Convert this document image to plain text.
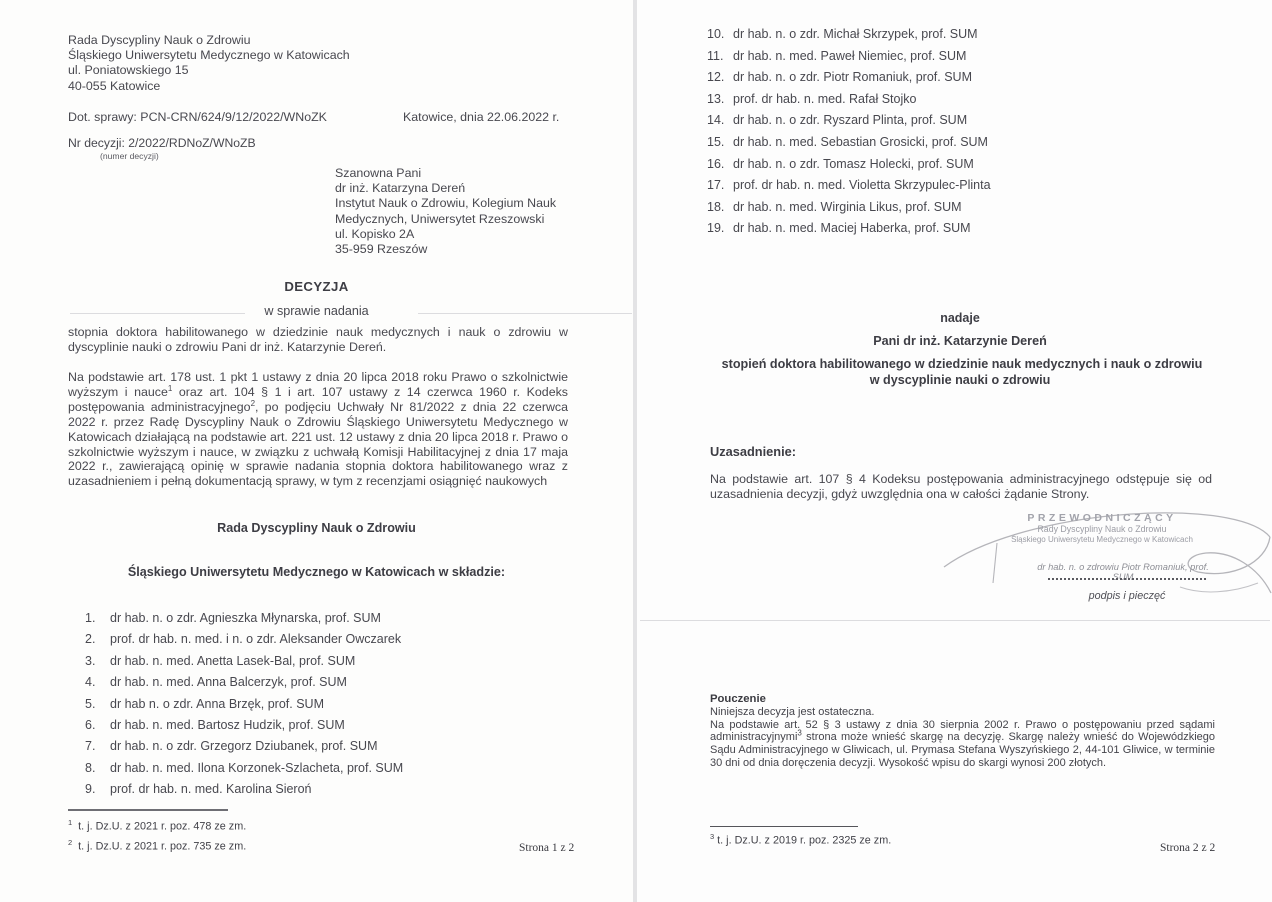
Rada Dyscypliny Nauk o Zdrowiu
Śląskiego Uniwersytetu Medycznego w Katowicach
ul. Poniatowskiego 15
40-055 Katowice
Dot. sprawy: PCN-CRN/624/9/12/2022/WNoZK	Katowice, dnia 22.06.2022 r.
Nr decyzji: 2/2022/RDNoZ/WNoZB
(numer decyzji)
Szanowna Pani
dr inż. Katarzyna Dereń
Instytut Nauk o Zdrowiu, Kolegium Nauk
Medycznych, Uniwersytet Rzeszowski
ul. Kopisko 2A
35-959 Rzeszów
DECYZJA
w sprawie nadania

stopnia doktora habilitowanego w dziedzinie nauk medycznych i nauk o zdrowiu w dyscyplinie nauki o zdrowiu Pani dr inż. Katarzynie Dereń.

Na podstawie art. 178 ust. 1 pkt 1 ustawy z dnia 20 lipca 2018 roku Prawo o szkolnictwie wyższym i nauce$^1$ oraz art. 104 § 1 i art. 107 ustawy z 14 czerwca 1960 r. Kodeks postępowania administracyjnego$^2$, po podjęciu Uchwały Nr 81/2022 z dnia 22 czerwca 2022 r. przez Radę Dyscypliny Nauk o Zdrowiu Śląskiego Uniwersytetu Medycznego w Katowicach działającą na podstawie art. 221 ust. 12 ustawy z dnia 20 lipca 2018 r. Prawo o szkolnictwie wyższym i nauce, w związku z uchwałą Komisji Habilitacyjnej z dnia 17 maja 2022 r., zawierającą opinię w sprawie nadania stopnia doktora habilitowanego wraz z uzasadnieniem i pełną dokumentacją sprawy, w tym z recenzjami osiągnięć naukowych

Rada Dyscypliny Nauk o Zdrowiu
Śląskiego Uniwersytetu Medycznego w Katowicach w składzie:
1.	dr hab. n. o zdr. Agnieszka Młynarska, prof. SUM
2.	prof. dr hab. n. med. i n. o zdr. Aleksander Owczarek
3.	dr hab. n. med. Anetta Lasek-Bal, prof. SUM
4.	dr hab. n. med. Anna Balcerzyk, prof. SUM
5.	dr hab n. o zdr. Anna Brzęk, prof. SUM
6.	dr hab. n. med. Bartosz Hudzik, prof. SUM
7.	dr hab. n. o zdr. Grzegorz Dziubanek, prof. SUM
8.	dr hab. n. med. Ilona Korzonek-Szlacheta, prof. SUM
9.	prof. dr hab. n. med. Karolina Sieroń
$^1$ t. j. Dz.U. z 2021 r. poz. 478 ze zm.
$^2$ t. j. Dz.U. z 2021 r. poz. 735 ze zm.	Strona 1 z 2
10. dr hab. n. o zdr. Michał Skrzypek, prof. SUM
11. dr hab. n. med. Paweł Niemiec, prof. SUM
12. dr hab. n. o zdr. Piotr Romaniuk, prof. SUM
13. prof. dr hab. n. med. Rafał Stojko
14. dr hab. n. o zdr. Ryszard Plinta, prof. SUM
15. dr hab. n. med. Sebastian Grosicki, prof. SUM
16. dr hab. n. o zdr. Tomasz Holecki, prof. SUM
17. prof. dr hab. n. med. Violetta Skrzypulec-Plinta
18. dr hab. n. med. Wirginia Likus, prof. SUM
19. dr hab. n. med. Maciej Haberka, prof. SUM
nadaje
Pani dr inż. Katarzynie Dereń
stopień doktora habilitowanego w dziedzinie nauk medycznych i nauk o zdrowiu
w dyscyplinie nauki o zdrowiu
Uzasadnienie:

Na podstawie art. 107 § 4 Kodeksu postępowania administracyjnego odstępuje się od uzasadnienia decyzji, gdyż uwzględnia ona w całości żądanie Strony.

PRZEWODNICZĄCY
Rady Dyscypliny Nauk o Zdrowiu
Śląskiego Uniwersytetu Medycznego w Katowicach
dr hab. n. o zdrowiu Piotr Romaniuk, prof. SUM
podpis i pieczęć
Pouczenie
Niniejsza decyzja jest ostateczna.
Na podstawie art. 52 § 3 ustawy z dnia 30 sierpnia 2002 r. Prawo o postępowaniu przed sądami administracyjnymi$^3$ strona może wnieść skargę na decyzję. Skargę należy wnieść do Wojewódzkiego Sądu Administracyjnego w Gliwicach, ul. Prymasa Stefana Wyszyńskiego 2, 44-101 Gliwice, w terminie 30 dni od dnia doręczenia decyzji. Wysokość wpisu do skargi wynosi 200 złotych.
$^3$ t. j. Dz.U. z 2019 r. poz. 2325 ze zm.
Strona 2 z 2
